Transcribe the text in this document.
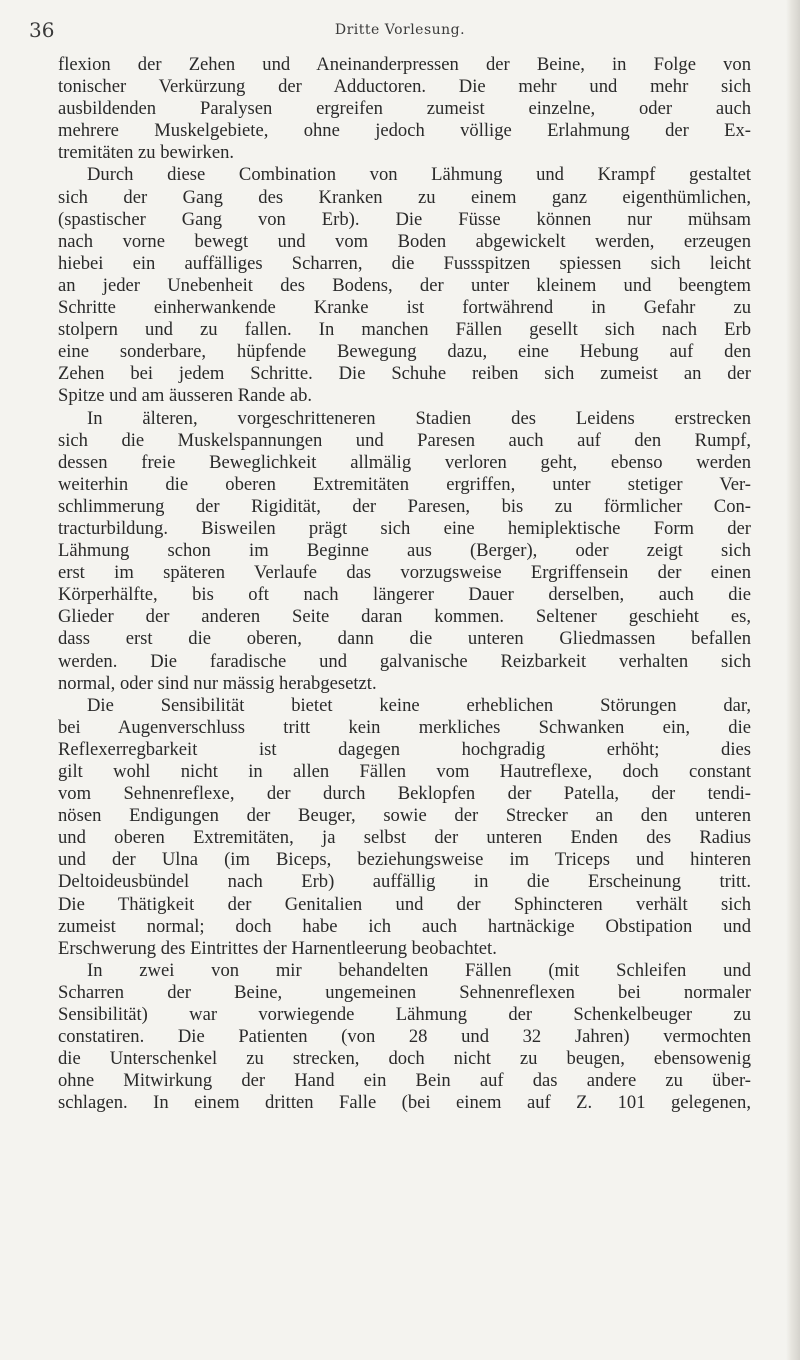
36	Dritte Vorlesung.
flexion der Zehen und Aneinanderpressen der Beine, in Folge von
tonischer Verkürzung der Adductoren. Die mehr und mehr sich
ausbildenden Paralysen ergreifen zumeist einzelne, oder auch
mehrere Muskelgebiete, ohne jedoch völlige Erlahmung der Ex-
tremitäten zu bewirken.
Durch diese Combination von Lähmung und Krampf gestaltet
sich der Gang des Kranken zu einem ganz eigenthümlichen,
(spastischer Gang von Erb). Die Füsse können nur mühsam
nach vorne bewegt und vom Boden abgewickelt werden, erzeugen
hiebei ein auffälliges Scharren, die Fussspitzen spiessen sich leicht
an jeder Unebenheit des Bodens, der unter kleinem und beengtem
Schritte einherwankende Kranke ist fortwährend in Gefahr zu
stolpern und zu fallen. In manchen Fällen gesellt sich nach Erb
eine sonderbare, hüpfende Bewegung dazu, eine Hebung auf den
Zehen bei jedem Schritte. Die Schuhe reiben sich zumeist an der
Spitze und am äusseren Rande ab.
In älteren, vorgeschritteneren Stadien des Leidens erstrecken
sich die Muskelspannungen und Paresen auch auf den Rumpf,
dessen freie Beweglichkeit allmälig verloren geht, ebenso werden
weiterhin die oberen Extremitäten ergriffen, unter stetiger Ver-
schlimmerung der Rigidität, der Paresen, bis zu förmlicher Con-
tracturbildung. Bisweilen prägt sich eine hemiplektische Form der
Lähmung schon im Beginne aus (Berger), oder zeigt sich
erst im späteren Verlaufe das vorzugsweise Ergriffensein der einen
Körperhälfte, bis oft nach längerer Dauer derselben, auch die
Glieder der anderen Seite daran kommen. Seltener geschieht es,
dass erst die oberen, dann die unteren Gliedmassen befallen
werden. Die faradische und galvanische Reizbarkeit verhalten sich
normal, oder sind nur mässig herabgesetzt.
Die Sensibilität bietet keine erheblichen Störungen dar,
bei Augenverschluss tritt kein merkliches Schwanken ein, die
Reflexerregbarkeit ist dagegen hochgradig erhöht; dies
gilt wohl nicht in allen Fällen vom Hautreflexe, doch constant
vom Sehnenreflexe, der durch Beklopfen der Patella, der tendi-
nösen Endigungen der Beuger, sowie der Strecker an den unteren
und oberen Extremitäten, ja selbst der unteren Enden des Radius
und der Ulna (im Biceps, beziehungsweise im Triceps und hinteren
Deltoideusbündel nach Erb) auffällig in die Erscheinung tritt.
Die Thätigkeit der Genitalien und der Sphincteren verhält sich
zumeist normal; doch habe ich auch hartnäckige Obstipation und
Erschwerung des Eintrittes der Harnentleerung beobachtet.
In zwei von mir behandelten Fällen (mit Schleifen und
Scharren der Beine, ungemeinen Sehnenreflexen bei normaler
Sensibilität) war vorwiegende Lähmung der Schenkelbeuger zu
constatiren. Die Patienten (von 28 und 32 Jahren) vermochten
die Unterschenkel zu strecken, doch nicht zu beugen, ebensowenig
ohne Mitwirkung der Hand ein Bein auf das andere zu über-
schlagen. In einem dritten Falle (bei einem auf Z. 101 gelegenen,
